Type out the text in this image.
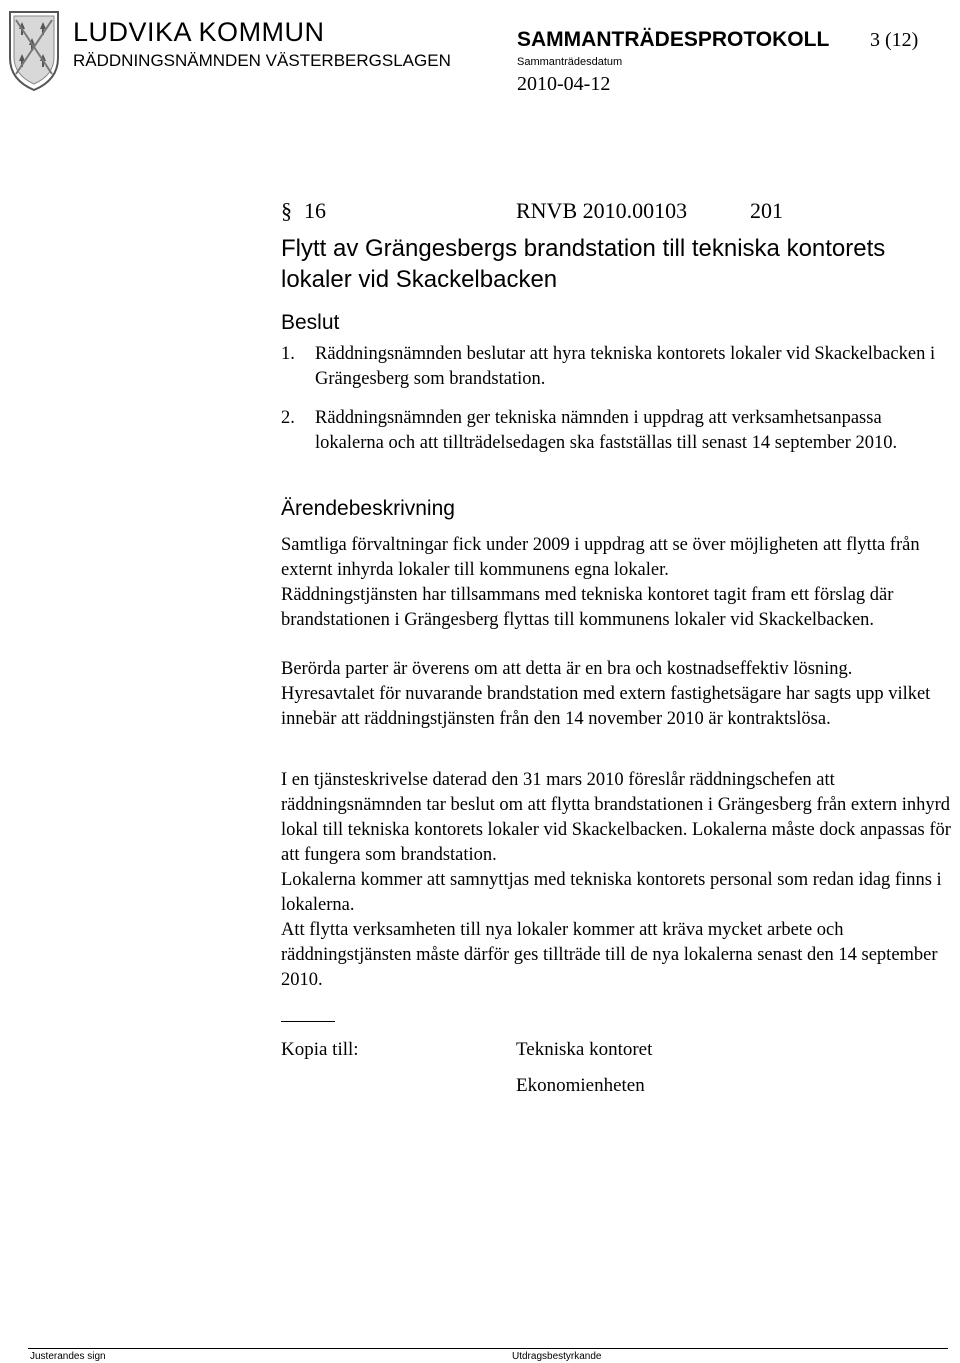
LUDVIKA KOMMUN
RÄDDNINGSNÄMNDEN VÄSTERBERGSLAGEN
SAMMANTRÄDESPROTOKOLL 3 (12)
Sammanträdesdatum
2010-04-12
§ 16	RNVB 2010.00103	201
Flytt av Grängesbergs brandstation till tekniska kontorets lokaler vid Skackelbacken
Beslut
1. Räddningsnämnden beslutar att hyra tekniska kontorets lokaler vid Skackelbacken i Grängesberg som brandstation.
2. Räddningsnämnden ger tekniska nämnden i uppdrag att verksamhetsanpassa lokalerna och att tillträdelsedagen ska fastställas till senast 14 september 2010.
Ärendebeskrivning
Samtliga förvaltningar fick under 2009 i uppdrag att se över möjligheten att flytta från externt inhyrda lokaler till kommunens egna lokaler.
Räddningstjänsten har tillsammans med tekniska kontoret tagit fram ett förslag där brandstationen i Grängesberg flyttas till kommunens lokaler vid Skackelbacken.
Berörda parter är överens om att detta är en bra och kostnadseffektiv lösning.
Hyresavtalet för nuvarande brandstation med extern fastighetsägare har sagts upp vilket innebär att räddningstjänsten från den 14 november 2010 är kontraktslösa.
I en tjänsteskrivelse daterad den 31 mars 2010 föreslår räddningschefen att räddningsnämnden tar beslut om att flytta brandstationen i Grängesberg från extern inhyrd lokal till tekniska kontorets lokaler vid Skackelbacken. Lokalerna måste dock anpassas för att fungera som brandstation.
Lokalerna kommer att samnyttjas med tekniska kontorets personal som redan idag finns i lokalerna.
Att flytta verksamheten till nya lokaler kommer att kräva mycket arbete och räddningstjänsten måste därför ges tillträde till de nya lokalerna senast den 14 september 2010.
Kopia till:	Tekniska kontoret
Ekonomienheten
Justerandes sign	Utdragsbestyrkande
